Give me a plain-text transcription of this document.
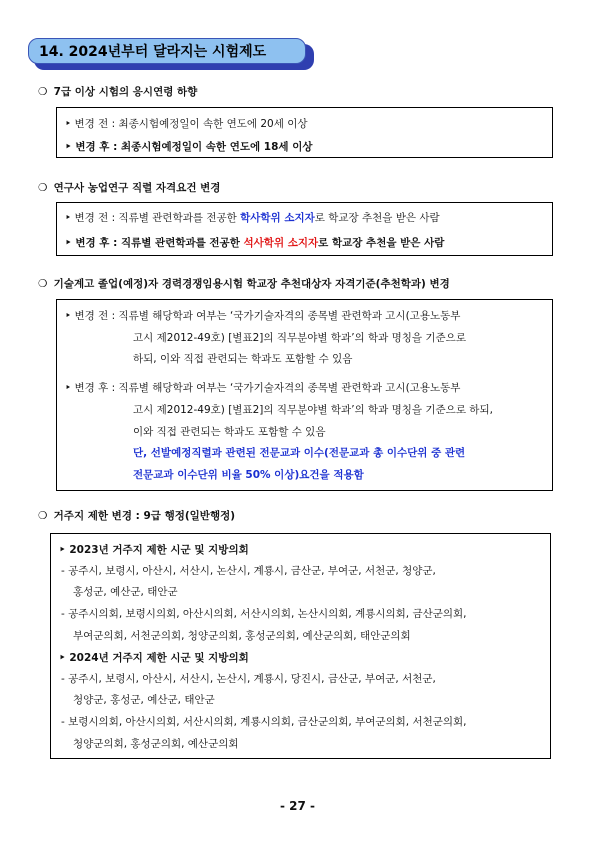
14. 2024년부터 달라지는 시험제도
❍ 7급 이상 시험의 응시연령 하향
‣ 변경 전 : 최종시험예정일이 속한 연도에 20세 이상
‣ 변경 후 : 최종시험예정일이 속한 연도에 18세 이상
❍ 연구사 농업연구 직렬 자격요건 변경
‣ 변경 전 : 직류별 관련학과를 전공한 학사학위 소지자로 학교장 추천을 받은 사람
‣ 변경 후 : 직류별 관련학과를 전공한 석사학위 소지자로 학교장 추천을 받은 사람
❍ 기술계고 졸업(예정)자 경력경쟁임용시험 학교장 추천대상자 자격기준(추천학과) 변경
‣ 변경 전 : 직류별 해당학과 여부는 ‘국가기술자격의 종목별 관련학과 고시(고용노동부
고시 제2012-49호) [별표2]의 직무분야별 학과’의 학과 명칭을 기준으로
하되, 이와 직접 관련되는 학과도 포함할 수 있음
‣ 변경 후 : 직류별 해당학과 여부는 ‘국가기술자격의 종목별 관련학과 고시(고용노동부
고시 제2012-49호) [별표2]의 직무분야별 학과’의 학과 명칭을 기준으로 하되,
이와 직접 관련되는 학과도 포함할 수 있음
단, 선발예정직렬과 관련된 전문교과 이수(전문교과 총 이수단위 중 관련
전문교과 이수단위 비율 50% 이상)요건을 적용함
❍ 거주지 제한 변경 : 9급 행정(일반행정)
‣ 2023년 거주지 제한 시군 및 지방의회
- 공주시, 보령시, 아산시, 서산시, 논산시, 계룡시, 금산군, 부여군, 서천군, 청양군,
홍성군, 예산군, 태안군
- 공주시의회, 보령시의회, 아산시의회, 서산시의회, 논산시의회, 계룡시의회, 금산군의회,
부여군의회, 서천군의회, 청양군의회, 홍성군의회, 예산군의회, 태안군의회
‣ 2024년 거주지 제한 시군 및 지방의회
- 공주시, 보령시, 아산시, 서산시, 논산시, 계룡시, 당진시, 금산군, 부여군, 서천군,
청양군, 홍성군, 예산군, 태안군
- 보령시의회, 아산시의회, 서산시의회, 계룡시의회, 금산군의회, 부여군의회, 서천군의회,
청양군의회, 홍성군의회, 예산군의회
- 27 -
